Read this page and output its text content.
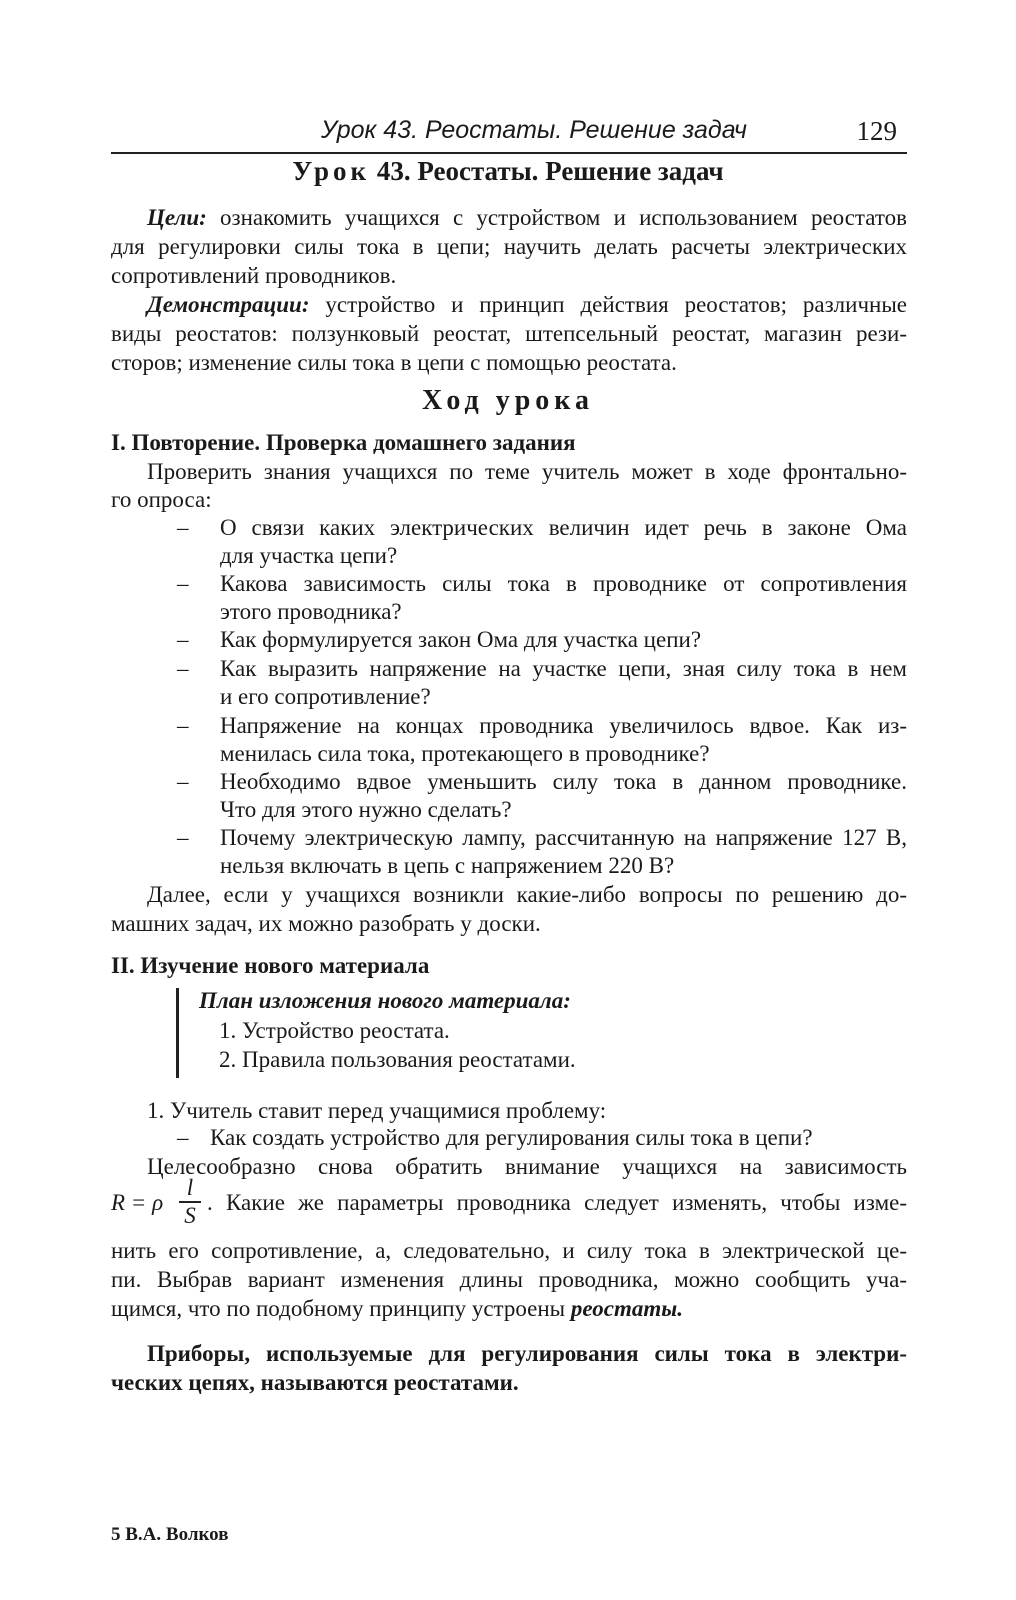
Урок 43. Реостаты. Решение задач	129
Урок 43. Реостаты. Решение задач

Цели: ознакомить учащихся с устройством и использованием реостатов

для регулировки силы тока в цепи; научить делать расчеты электрических

сопротивлений проводников.

Демонстрации: устройство и принцип действия реостатов; различные

виды реостатов: ползунковый реостат, штепсельный реостат, магазин рези-

сторов; изменение силы тока в цепи с помощью реостата.

Ход урока

I. Повторение. Проверка домашнего задания

Проверить знания учащихся по теме учитель может в ходе фронтально-

го опроса:

– О связи каких электрических величин идет речь в законе Ома
для участка цепи?
– Какова зависимость силы тока в проводнике от сопротивления
этого проводника?
– Как формулируется закон Ома для участка цепи?
– Как выразить напряжение на участке цепи, зная силу тока в нем
и его сопротивление?
– Напряжение на концах проводника увеличилось вдвое. Как из-
менилась сила тока, протекающего в проводнике?
– Необходимо вдвое уменьшить силу тока в данном проводнике.
Что для этого нужно сделать?
– Почему электрическую лампу, рассчитанную на напряжение 127 В,
нельзя включать в цепь с напряжением 220 В?

Далее, если у учащихся возникли какие-либо вопросы по решению до-

машних задач, их можно разобрать у доски.

II. Изучение нового материала

План изложения нового материала:
1. Устройство реостата.
2. Правила пользования реостатами.

1. Учитель ставит перед учащимися проблему:

– Как создать устройство для регулирования силы тока в цепи?

Целесообразно снова обратить внимание учащихся на зависимость

R = ρ
l
S
. Какие же параметры проводника следует изменять, чтобы изме-

нить его сопротивление, а, следовательно, и силу тока в электрической це-

пи. Выбрав вариант изменения длины проводника, можно сообщить уча-

щимся, что по подобному принципу устроены реостаты.

Приборы, используемые для регулирования силы тока в электри-

ческих цепях, называются реостатами.

5 В.А. Волков
